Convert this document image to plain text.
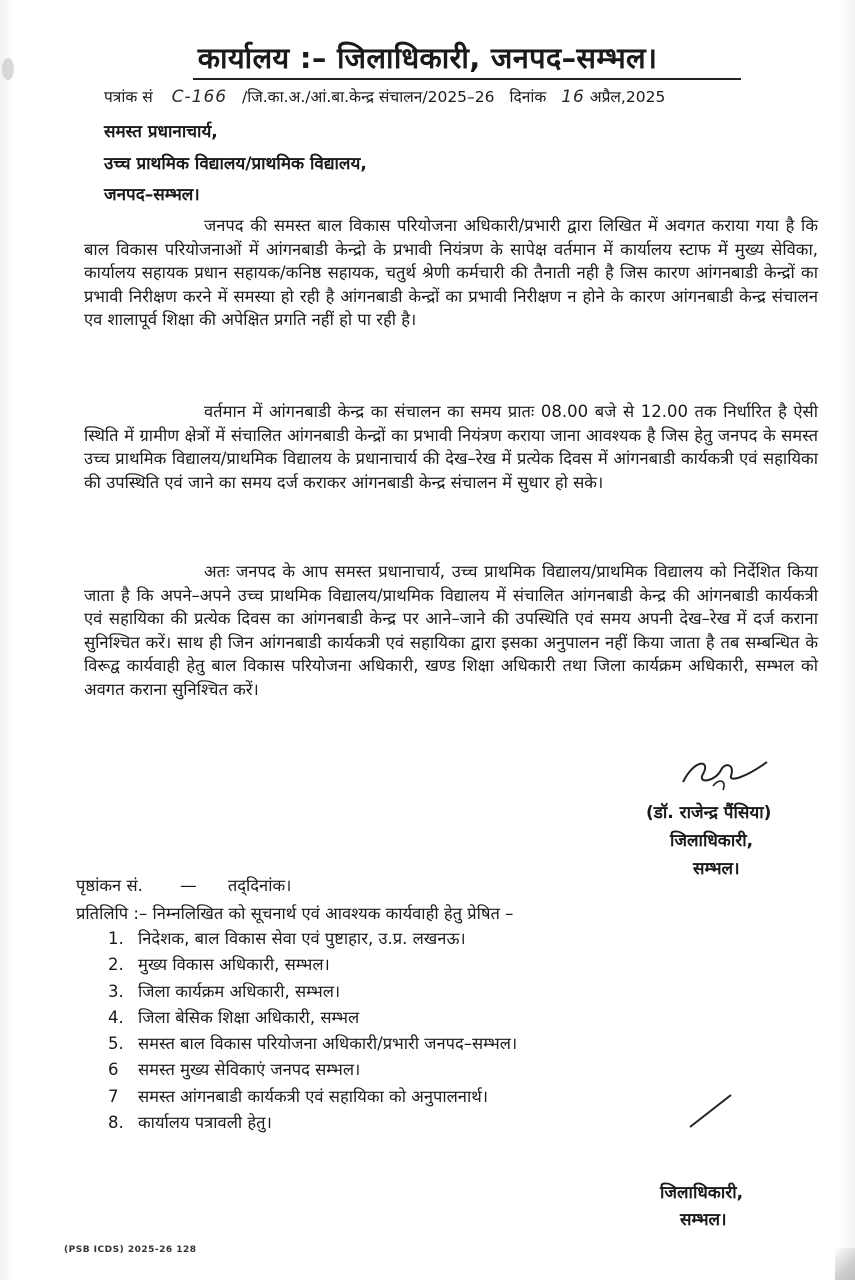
कार्यालय :– जिलाधिकारी, जनपद–सम्भल।
पत्रांक सं C-166 /जि.का.अ./आं.बा.केन्द्र संचालन/2025–26 दिनांक 16 अप्रैल,2025
समस्त प्रधानाचार्य,
उच्च प्राथमिक विद्यालय/प्राथमिक विद्यालय,
जनपद–सम्भल।
जनपद की समस्त बाल विकास परियोजना अधिकारी/प्रभारी द्वारा लिखित में अवगत कराया गया है कि बाल विकास परियोजनाओं में आंगनबाडी केन्द्रो के प्रभावी नियंत्रण के सापेक्ष वर्तमान में कार्यालय स्टाफ में मुख्य सेविका, कार्यालय सहायक प्रधान सहायक/कनिष्ठ सहायक, चतुर्थ श्रेणी कर्मचारी की तैनाती नही है जिस कारण आंगनबाडी केन्द्रों का प्रभावी निरीक्षण करने में समस्या हो रही है आंगनबाडी केन्द्रों का प्रभावी निरीक्षण न होने के कारण आंगनबाडी केन्द्र संचालन एव शालापूर्व शिक्षा की अपेक्षित प्रगति नहीं हो पा रही है।
वर्तमान में आंगनबाडी केन्द्र का संचालन का समय प्रातः 08.00 बजे से 12.00 तक निर्धारित है ऐसी स्थिति में ग्रामीण क्षेत्रों में संचालित आंगनबाडी केन्द्रों का प्रभावी नियंत्रण कराया जाना आवश्यक है जिस हेतु जनपद के समस्त उच्च प्राथमिक विद्यालय/प्राथमिक विद्यालय के प्रधानाचार्य की देख–रेख में प्रत्येक दिवस में आंगनबाडी कार्यकत्री एवं सहायिका की उपस्थिति एवं जाने का समय दर्ज कराकर आंगनबाडी केन्द्र संचालन में सुधार हो सके।
अतः जनपद के आप समस्त प्रधानाचार्य, उच्च प्राथमिक विद्यालय/प्राथमिक विद्यालय को निर्देशित किया जाता है कि अपने–अपने उच्च प्राथमिक विद्यालय/प्राथमिक विद्यालय में संचालित आंगनबाडी केन्द्र की आंगनबाडी कार्यकत्री एवं सहायिका की प्रत्येक दिवस का आंगनबाडी केन्द्र पर आने–जाने की उपस्थिति एवं समय अपनी देख–रेख में दर्ज कराना सुनिश्चित करें। साथ ही जिन आंगनबाडी कार्यकत्री एवं सहायिका द्वारा इसका अनुपालन नहीं किया जाता है तब सम्बन्धित के विरूद्व कार्यवाही हेतु बाल विकास परियोजना अधिकारी, खण्ड शिक्षा अधिकारी तथा जिला कार्यक्रम अधिकारी, सम्भल को अवगत कराना सुनिश्चित करें।
(डॉ. राजेन्द्र पैंसिया)
जिलाधिकारी,
सम्भल।
पृष्ठांकन सं. — तद्‌दिनांक।
प्रतिलिपि :– निम्नलिखित को सूचनार्थ एवं आवश्यक कार्यवाही हेतु प्रेषित –
1. निदेशक, बाल विकास सेवा एवं पुष्टाहार, उ.प्र. लखनऊ।
2. मुख्य विकास अधिकारी, सम्भल।
3. जिला कार्यक्रम अधिकारी, सम्भल।
4. जिला बेसिक शिक्षा अधिकारी, सम्भल
5. समस्त बाल विकास परियोजना अधिकारी/प्रभारी जनपद–सम्भल।
6 समस्त मुख्य सेविकाएं जनपद सम्भल।
7 समस्त आंगनबाडी कार्यकत्री एवं सहायिका को अनुपालनार्थ।
8. कार्यालय पत्रावली हेतु।
जिलाधिकारी,
सम्भल।
(PSB ICDS) 2025-26 128
